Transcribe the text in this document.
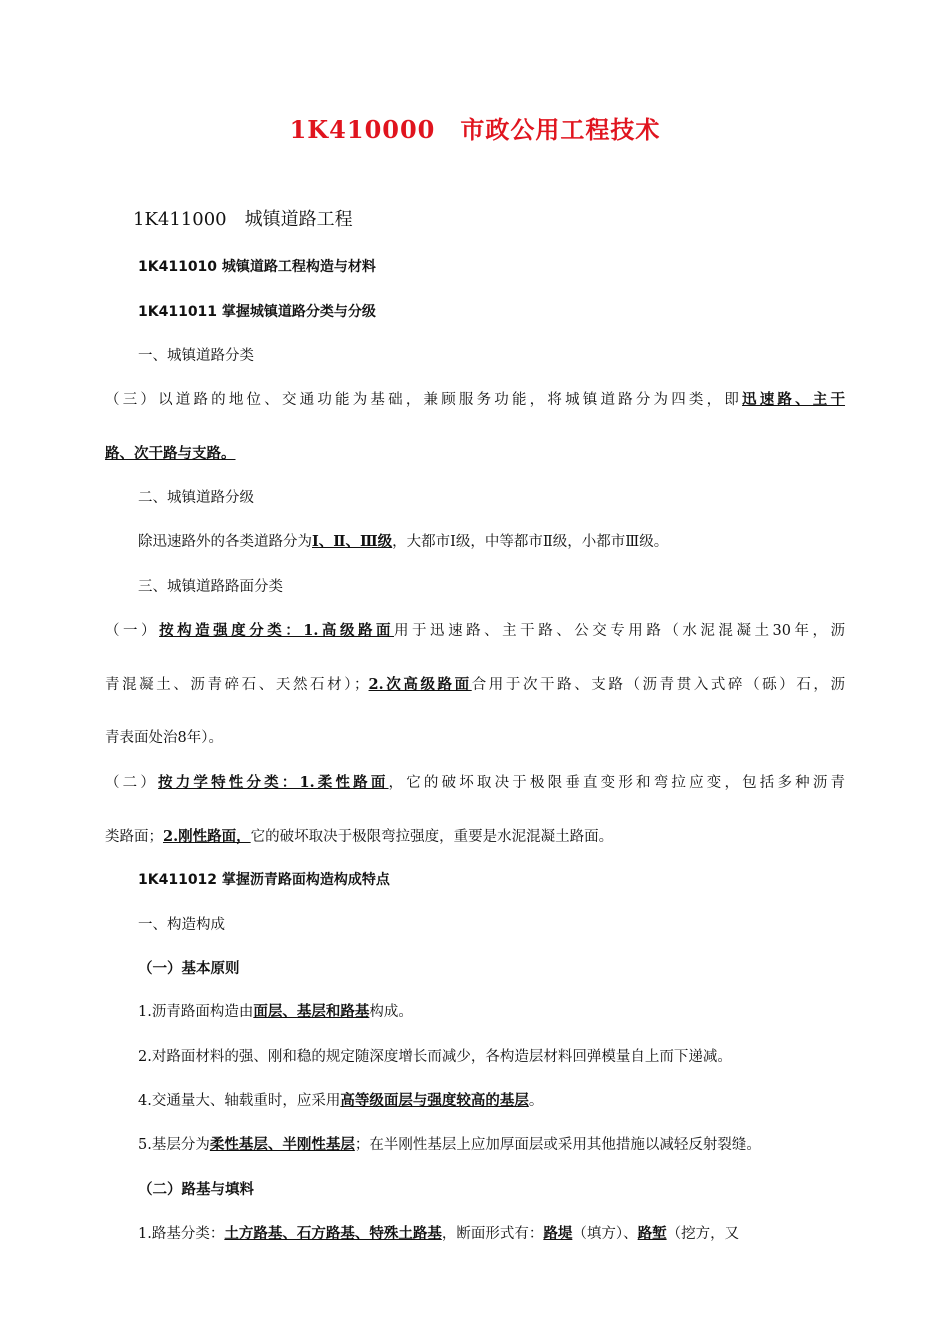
1K410000　市政公用工程技术
1K411000　城镇道路工程
1K411010 城镇道路工程构造与材料
1K411011 掌握城镇道路分类与分级
一、城镇道路分类
（三）以道路的地位、交通功能为基础，兼顾服务功能，将城镇道路分为四类，即迅速路、主干
路、次干路与支路。
二、城镇道路分级
除迅速路外的各类道路分为Ⅰ、Ⅱ、Ⅲ级，大都市Ⅰ级，中等都市Ⅱ级，小都市Ⅲ级。
三、城镇道路路面分类
（一）按构造强度分类：1.高级路面用于迅速路、主干路、公交专用路（水泥混凝土30年，沥
青混凝土、沥青碎石、天然石材）；2.次高级路面合用于次干路、支路（沥青贯入式碎（砾）石，沥
青表面处治8年）。
（二）按力学特性分类：1.柔性路面，它的破坏取决于极限垂直变形和弯拉应变，包括多种沥青
类路面；2.刚性路面，它的破坏取决于极限弯拉强度，重要是水泥混凝土路面。
1K411012 掌握沥青路面构造构成特点
一、构造构成
（一）基本原则
1.沥青路面构造由面层、基层和路基构成。
2.对路面材料的强、刚和稳的规定随深度增长而减少，各构造层材料回弹模量自上而下递减。
4.交通量大、轴载重时，应采用高等级面层与强度较高的基层。
5.基层分为柔性基层、半刚性基层；在半刚性基层上应加厚面层或采用其他措施以减轻反射裂缝。
（二）路基与填料
1.路基分类：土方路基、石方路基、特殊土路基，断面形式有：路堤（填方）、路堑（挖方，又
